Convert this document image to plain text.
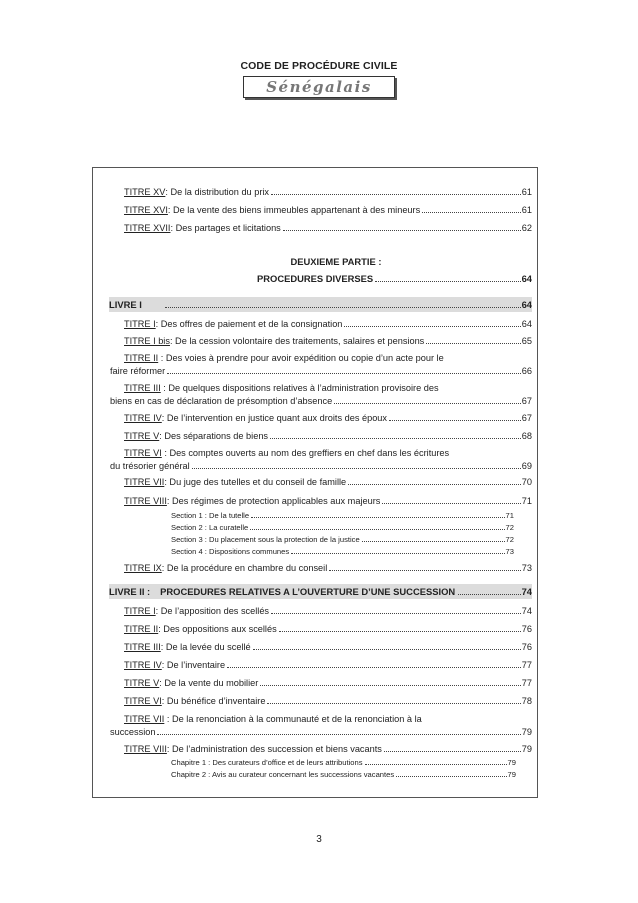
CODE DE PROCÉDURE CIVILE
Sénégalais
TITRE XV : De la distribution du prix	61
TITRE XVI : De la vente des biens immeubles appartenant à des mineurs	61
TITRE XVII : Des partages et licitations	62
DEUXIEME PARTIE :
PROCEDURES DIVERSES	64
LIVRE I	64
TITRE I : Des offres de paiement et de la consignation	64
TITRE I bis : De la cession volontaire des traitements, salaires et pensions	65
TITRE II : Des voies à prendre pour avoir expédition ou copie d’un acte pour le
faire réformer	66
TITRE III : De quelques dispositions relatives à l’administration provisoire des
biens en cas de déclaration de présomption d’absence	67
TITRE IV : De l’intervention en justice quant aux droits des époux	67
TITRE V : Des séparations de biens	68
TITRE VI : Des comptes ouverts au nom des greffiers en chef dans les écritures
du trésorier général	69
TITRE VII : Du juge des tutelles et du conseil de famille	70
TITRE VIII : Des régimes de protection applicables aux majeurs	71
Section 1 : De la tutelle	71
Section 2 : La curatelle	72
Section 3 : Du placement sous la protection de la justice	72
Section 4 : Dispositions communes	73
TITRE IX : De la procédure en chambre du conseil	73
LIVRE II : PROCEDURES RELATIVES A L’OUVERTURE D’UNE SUCCESSION	74
TITRE I : De l’apposition des scellés	74
TITRE II : Des oppositions aux scellés	76
TITRE III : De la levée du scellé	76
TITRE IV : De l’inventaire	77
TITRE V : De la vente du mobilier	77
TITRE VI : Du bénéfice d’inventaire	78
TITRE VII : De la renonciation à la communauté et de la renonciation à la
succession	79
TITRE VIII : De l’administration des succession et biens vacants	79
Chapitre 1 : Des curateurs d’office et de leurs attributions	79
Chapitre 2 : Avis au curateur concernant les successions vacantes	79
3
